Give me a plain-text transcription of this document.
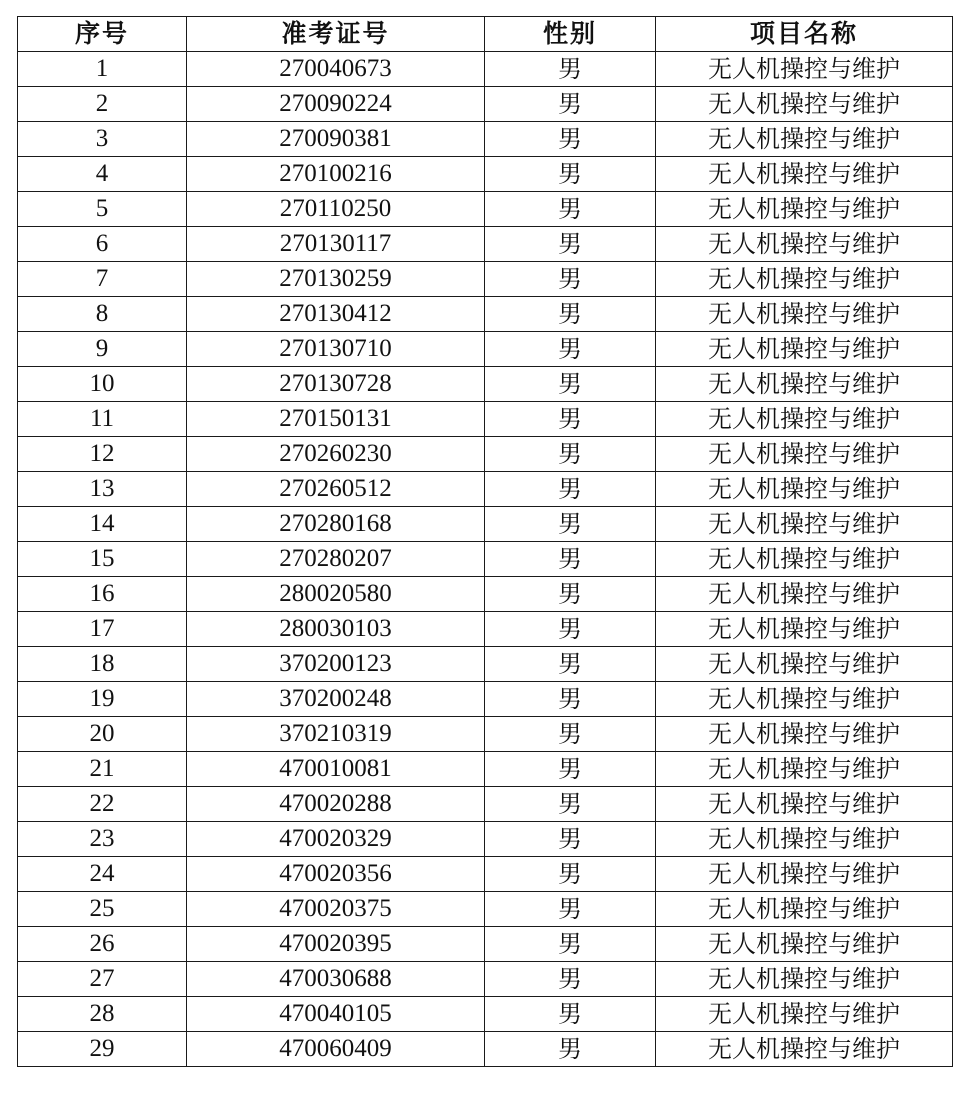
序号	准考证号	性别	项目名称
1	270040673	男	无人机操控与维护
2	270090224	男	无人机操控与维护
3	270090381	男	无人机操控与维护
4	270100216	男	无人机操控与维护
5	270110250	男	无人机操控与维护
6	270130117	男	无人机操控与维护
7	270130259	男	无人机操控与维护
8	270130412	男	无人机操控与维护
9	270130710	男	无人机操控与维护
10	270130728	男	无人机操控与维护
11	270150131	男	无人机操控与维护
12	270260230	男	无人机操控与维护
13	270260512	男	无人机操控与维护
14	270280168	男	无人机操控与维护
15	270280207	男	无人机操控与维护
16	280020580	男	无人机操控与维护
17	280030103	男	无人机操控与维护
18	370200123	男	无人机操控与维护
19	370200248	男	无人机操控与维护
20	370210319	男	无人机操控与维护
21	470010081	男	无人机操控与维护
22	470020288	男	无人机操控与维护
23	470020329	男	无人机操控与维护
24	470020356	男	无人机操控与维护
25	470020375	男	无人机操控与维护
26	470020395	男	无人机操控与维护
27	470030688	男	无人机操控与维护
28	470040105	男	无人机操控与维护
29	470060409	男	无人机操控与维护
